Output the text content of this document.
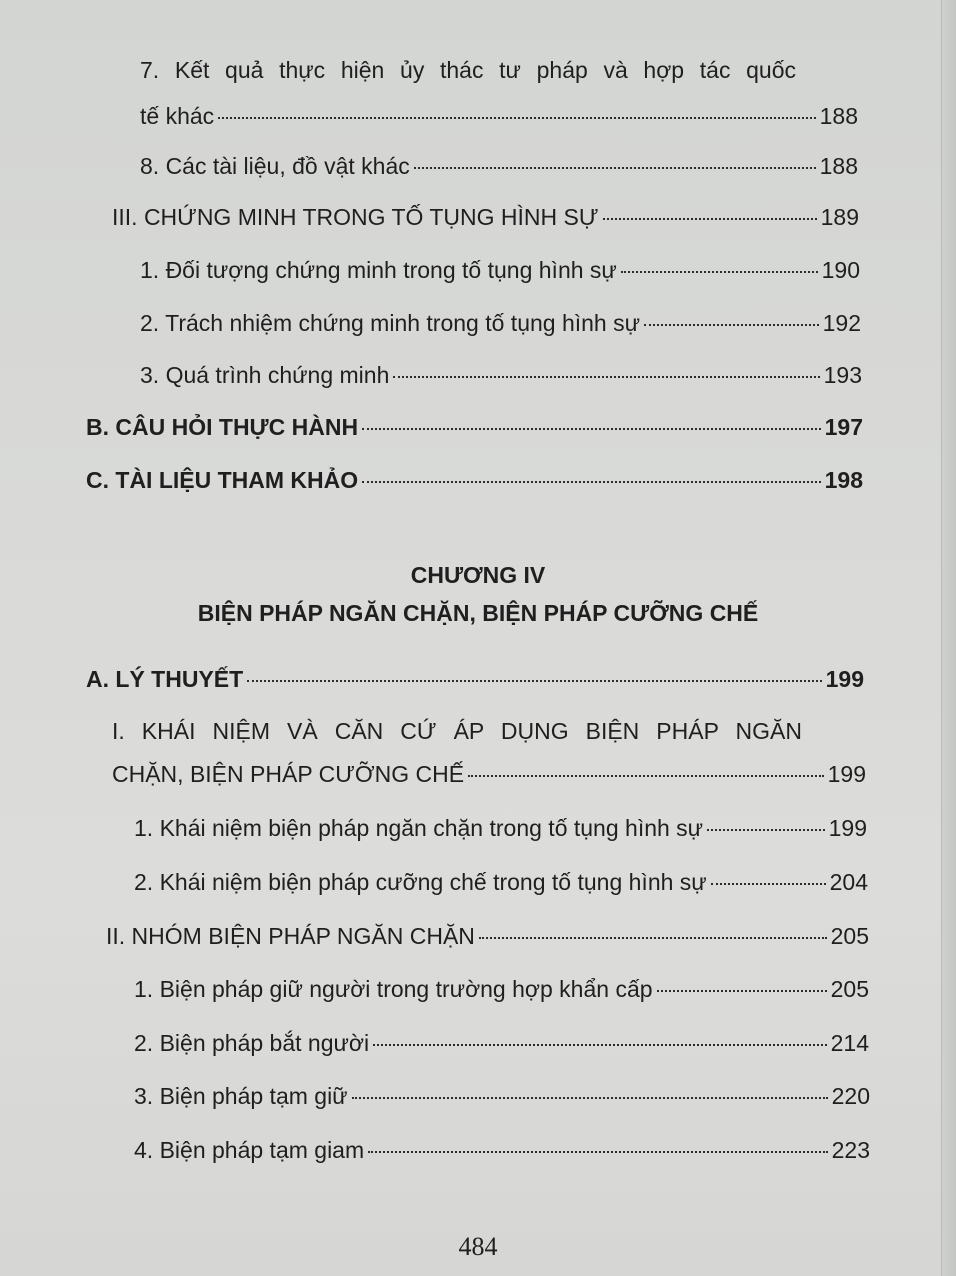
7. Kết quả thực hiện ủy thác tư pháp và hợp tác quốc
tế khác	188
8. Các tài liệu, đồ vật khác	188
III. CHỨNG MINH TRONG TỐ TỤNG HÌNH SỰ	189
1. Đối tượng chứng minh trong tố tụng hình sự	190
2. Trách nhiệm chứng minh trong tố tụng hình sự	192
3. Quá trình chứng minh	193
B. CÂU HỎI THỰC HÀNH	197
C. TÀI LIỆU THAM KHẢO	198
CHƯƠNG IV
BIỆN PHÁP NGĂN CHẶN, BIỆN PHÁP CƯỠNG CHẾ
A. LÝ THUYẾT	199
I. KHÁI NIỆM VÀ CĂN CỨ ÁP DỤNG BIỆN PHÁP NGĂN
CHẶN, BIỆN PHÁP CƯỠNG CHẾ	199
1. Khái niệm biện pháp ngăn chặn trong tố tụng hình sự	199
2. Khái niệm biện pháp cưỡng chế trong tố tụng hình sự	204
II. NHÓM BIỆN PHÁP NGĂN CHẶN	205
1. Biện pháp giữ người trong trường hợp khẩn cấp	205
2. Biện pháp bắt người	214
3. Biện pháp tạm giữ	220
4. Biện pháp tạm giam	223
484
